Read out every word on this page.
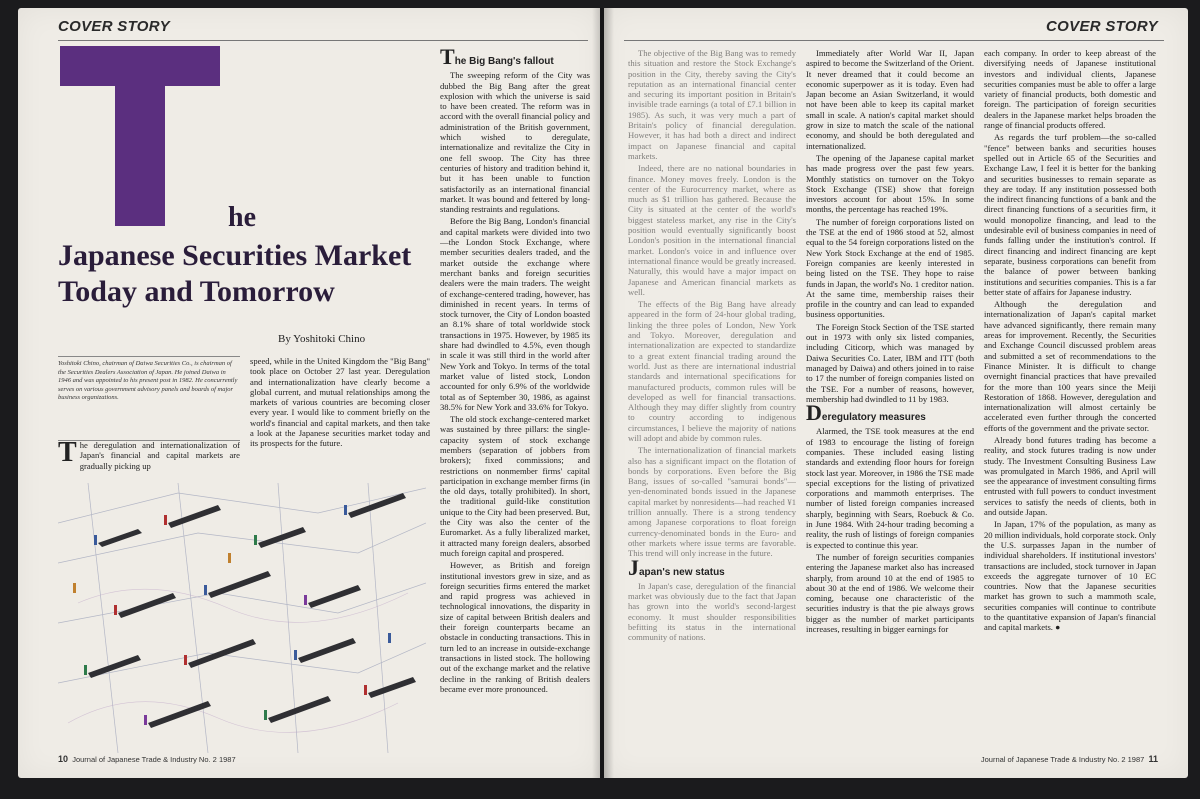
COVER STORY
he
Japanese Securities Market Today and Tomorrow
By Yoshitoki Chino
Yoshitoki Chino, chairman of Daiwa Securities Co., is chairman of the Securities Dealers Association of Japan. He joined Daiwa in 1946 and was appointed to his present post in 1982. He concurrently serves on various government advisory panels and boards of major business organizations.
T he deregulation and internationalization of Japan's financial and capital markets are gradually picking up

speed, while in the United Kingdom the "Big Bang" took place on October 27 last year. Deregulation and internationalization have clearly become a global current, and mutual relationships among the markets of various countries are becoming closer every year. I would like to comment briefly on the world's financial and capital markets, and then take a look at the Japanese securities market today and its prospects for the future.

The Big Bang's fallout

The sweeping reform of the City was dubbed the Big Bang after the great explosion with which the universe is said to have been created. The reform was in accord with the overall financial policy and administration of the British government, which wished to deregulate, internationalize and revitalize the City in one fell swoop. The City has three centuries of history and tradition behind it, but it has been unable to function satisfactorily as an international financial market. It was bound and fettered by long-standing restraints and regulations.

Before the Big Bang, London's financial and capital markets were divided into two—the London Stock Exchange, where member securities dealers traded, and the market outside the exchange where merchant banks and foreign securities dealers were the main traders. The weight of exchange-centered trading, however, has diminished in recent years. In terms of stock turnover, the City of London boasted an 8.1% share of total worldwide stock transactions in 1975. However, by 1985 its share had dwindled to 4.5%, even though in scale it was still third in the world after New York and Tokyo. In terms of the total market value of listed stock, London accounted for only 6.9% of the worldwide total as of September 30, 1986, as against 38.5% for New York and 33.6% for Tokyo.

The old stock exchange-centered market was sustained by three pillars: the single-capacity system of stock exchange members (separation of jobbers from brokers); fixed commissions; and restrictions on nonmember firms' capital participation in exchange member firms (in the old days, totally prohibited). In short, the traditional guild-like constitution unique to the City had been preserved. But, the City was also the center of the Euromarket. As a fully liberalized market, it attracted many foreign dealers, absorbed much foreign capital and prospered.

However, as British and foreign institutional investors grew in size, and as foreign securities firms entered the market and rapid progress was achieved in technological innovations, the disparity in size of capital between British dealers and their foreign counterparts became an obstacle in conducting transactions. This in turn led to an increase in outside-exchange transactions in listed stock. The hollowing out of the exchange market and the relative decline in the ranking of British dealers became ever more pronounced.

10 Journal of Japanese Trade & Industry No. 2 1987
COVER STORY

The objective of the Big Bang was to remedy this situation and restore the Stock Exchange's position in the City, thereby saving the City's reputation as an international financial center and securing its important position in Britain's invisible trade earnings (a total of £7.1 billion in 1985). As such, it was very much a part of Britain's policy of financial deregulation. However, it has had both a direct and indirect impact on Japanese financial and capital markets.

Indeed, there are no national boundaries in finance. Money moves freely. London is the center of the Eurocurrency market, where as much as $1 trillion has gathered. Because the City is situated at the center of the world's biggest stateless market, any rise in the City's position would eventually significantly boost London's position in the international financial market. London's voice in and influence over international finance would be greatly increased. Naturally, this would have a major impact on Japanese and American financial markets as well.

The effects of the Big Bang have already appeared in the form of 24-hour global trading, linking the three poles of London, New York and Tokyo. Moreover, deregulation and internationalization are expected to standardize to a great extent financial trading around the world. Just as there are international industrial standards and international specifications for manufactured products, common rules will be developed as well for financial transactions. Although they may differ slightly from country to country according to indigenous circumstances, I believe the majority of nations will adopt and abide by common rules.

The internationalization of financial markets also has a significant impact on the flotation of bonds by corporations. Even before the Big Bang, issues of so-called "samurai bonds"—yen-denominated bonds issued in the Japanese capital market by nonresidents—had reached ¥1 trillion annually. There is a strong tendency among Japanese corporations to float foreign currency-denominated bonds in the Euro- and other markets where issue terms are favorable. This trend will only increase in the future.

Japan's new status

In Japan's case, deregulation of the financial market was obviously due to the fact that Japan has grown into the world's second-largest economy. It must shoulder responsibilities befitting its status in the international community of nations.

Immediately after World War II, Japan aspired to become the Switzerland of the Orient. It never dreamed that it could become an economic superpower as it is today. Even had Japan become an Asian Switzerland, it would not have been able to keep its capital market small in scale. A nation's capital market should grow in size to match the scale of the national economy, and should be both deregulated and internationalized.

The opening of the Japanese capital market has made progress over the past few years. Monthly statistics on turnover on the Tokyo Stock Exchange (TSE) show that foreign investors account for about 15%. In some months, the percentage has reached 19%.

The number of foreign corporations listed on the TSE at the end of 1986 stood at 52, almost equal to the 54 foreign corporations listed on the New York Stock Exchange at the end of 1985. Foreign companies are keenly interested in being listed on the TSE. They hope to raise funds in Japan, the world's No. 1 creditor nation. At the same time, membership raises their profile in the country and can lead to expanded business opportunities.

The Foreign Stock Section of the TSE started out in 1973 with only six listed companies, including Citicorp, which was managed by Daiwa Securities Co. Later, IBM and ITT (both managed by Daiwa) and others joined in to raise to 17 the number of foreign companies listed on the TSE. For a number of reasons, however, membership had dwindled to 11 by 1983.

Deregulatory measures

Alarmed, the TSE took measures at the end of 1983 to encourage the listing of foreign companies. These included easing listing standards and extending floor hours for foreign stock last year. Moreover, in 1986 the TSE made special exceptions for the listing of privatized corporations and mammoth enterprises. The number of listed foreign companies increased sharply, beginning with Sears, Roebuck & Co. in June 1984. With 24-hour trading becoming a reality, the rush of listings of foreign companies is expected to continue this year.

The number of foreign securities companies entering the Japanese market also has increased sharply, from around 10 at the end of 1985 to about 30 at the end of 1986. We welcome their coming, because one characteristic of the securities industry is that the pie always grows bigger as the number of market participants increases, resulting in bigger earnings for

each company. In order to keep abreast of the diversifying needs of Japanese institutional investors and individual clients, Japanese securities companies must be able to offer a large variety of financial products, both domestic and foreign. The participation of foreign securities dealers in the Japanese market helps broaden the range of financial products offered.

As regards the turf problem—the so-called "fence" between banks and securities houses spelled out in Article 65 of the Securities and Exchange Law, I feel it is better for the banking and securities businesses to remain separate as they are today. If any institution possessed both the indirect financing functions of a bank and the direct financing functions of a securities firm, it would monopolize financing, and lead to the undesirable evil of business companies in need of funds falling under the institution's control. If direct financing and indirect financing are kept separate, business corporations can benefit from the balance of power between banking institutions and securities companies. This is a far better state of affairs for Japanese industry.

Although the deregulation and internationalization of Japan's capital market have advanced significantly, there remain many areas for improvement. Recently, the Securities and Exchange Council discussed problem areas and submitted a set of recommendations to the Finance Minister. It is difficult to change overnight financial practices that have prevailed for the more than 100 years since the Meiji Restoration of 1868. However, deregulation and internationalization will almost certainly be accelerated even further through the concerted efforts of the government and the private sector.

Already bond futures trading has become a reality, and stock futures trading is now under study. The Investment Consulting Business Law was promulgated in March 1986, and April will see the appearance of investment consulting firms entrusted with full powers to conduct investment services to satisfy the needs of clients, both in and outside Japan.

In Japan, 17% of the population, as many as 20 million individuals, hold corporate stock. Only the U.S. surpasses Japan in the number of individual shareholders. If institutional investors' transactions are included, stock turnover in Japan exceeds the aggregate turnover of 10 EC countries. Now that the Japanese securities market has grown to such a mammoth scale, securities companies will continue to contribute to the quantitative expansion of Japan's financial and capital markets. ●

Journal of Japanese Trade & Industry No. 2 1987 11
